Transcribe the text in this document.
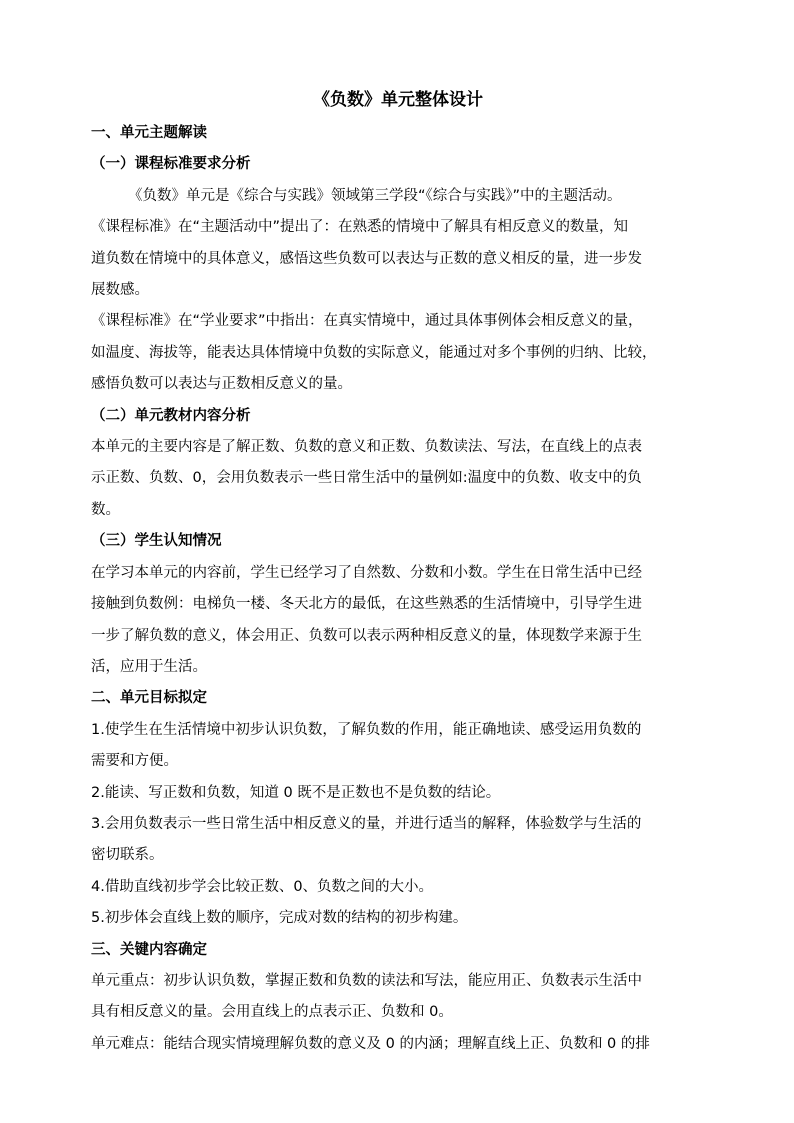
《负数》单元整体设计
一、单元主题解读
（一）课程标准要求分析
《负数》单元是《综合与实践》领域第三学段“《综合与实践》”中的主题活动。
《课程标准》在“主题活动中”提出了：在熟悉的情境中了解具有相反意义的数量，知
道负数在情境中的具体意义，感悟这些负数可以表达与正数的意义相反的量，进一步发
展数感。
《课程标准》在“学业要求”中指出：在真实情境中，通过具体事例体会相反意义的量，
如温度、海拔等，能表达具体情境中负数的实际意义，能通过对多个事例的归纳、比较，
感悟负数可以表达与正数相反意义的量。
（二）单元教材内容分析
本单元的主要内容是了解正数、负数的意义和正数、负数读法、写法，在直线上的点表
示正数、负数、0，会用负数表示一些日常生活中的量例如:温度中的负数、收支中的负
数。
（三）学生认知情况
在学习本单元的内容前，学生已经学习了自然数、分数和小数。学生在日常生活中已经
接触到负数例：电梯负一楼、冬天北方的最低，在这些熟悉的生活情境中，引导学生进
一步了解负数的意义，体会用正、负数可以表示两种相反意义的量，体现数学来源于生
活，应用于生活。
二、单元目标拟定
1.使学生在生活情境中初步认识负数，了解负数的作用，能正确地读、感受运用负数的
需要和方便。
2.能读、写正数和负数，知道 0 既不是正数也不是负数的结论。
3.会用负数表示一些日常生活中相反意义的量，并进行适当的解释，体验数学与生活的
密切联系。
4.借助直线初步学会比较正数、0、负数之间的大小。
5.初步体会直线上数的顺序，完成对数的结构的初步构建。
三、关键内容确定
单元重点：初步认识负数，掌握正数和负数的读法和写法，能应用正、负数表示生活中
具有相反意义的量。会用直线上的点表示正、负数和 0。
单元难点：能结合现实情境理解负数的意义及 0 的内涵；理解直线上正、负数和 0 的排
